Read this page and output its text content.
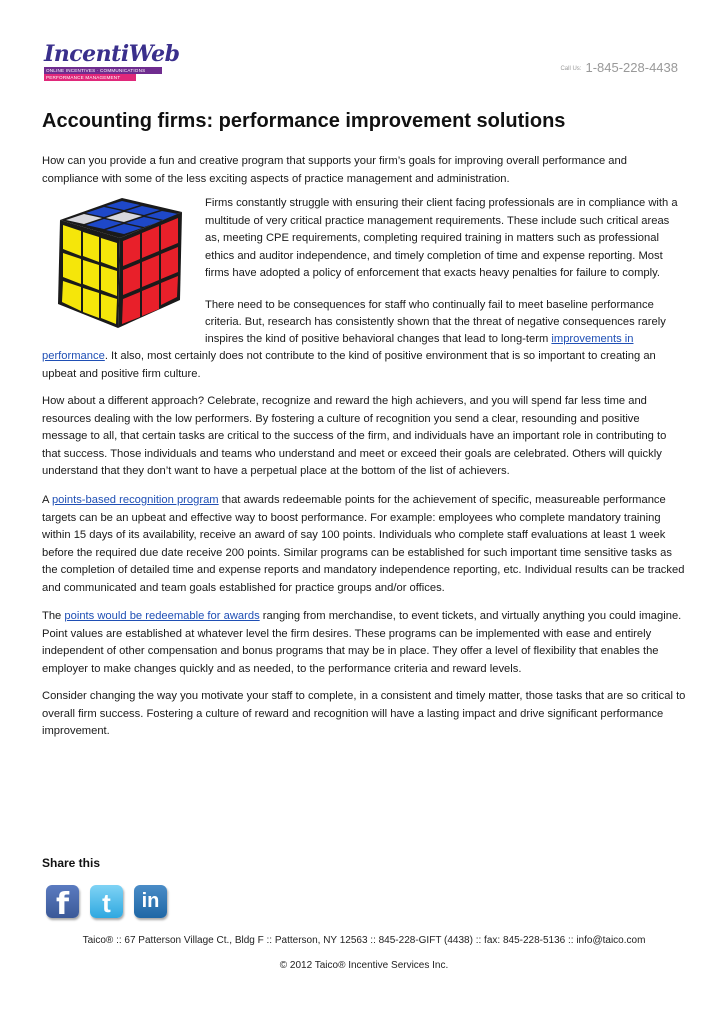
IncentiWeb
ONLINE INCENTIVES · COMMUNICATIONS
PERFORMANCE MANAGEMENT
Call Us: 1-845-228-4438
Accounting firms: performance improvement solutions

How can you provide a fun and creative program that supports your firm’s goals for improving overall performance and compliance with some of the less exciting aspects of practice management and administration.

Firms constantly struggle with ensuring their client facing professionals are in compliance with a multitude of very critical practice management requirements. These include such critical areas as, meeting CPE requirements, completing required training in matters such as professional ethics and auditor independence, and timely completion of time and expense reporting. Most firms have adopted a policy of enforcement that exacts heavy penalties for failure to comply.

There need to be consequences for staff who continually fail to meet baseline performance

criteria. But, research has consistently shown that the threat of negative consequences rarely

inspires the kind of positive behavioral changes that lead to long-term improvements in

performance. It also, most certainly does not contribute to the kind of positive environment that is so important to creating an upbeat and positive firm culture.

How about a different approach? Celebrate, recognize and reward the high achievers, and you will spend far less time and resources dealing with the low performers. By fostering a culture of recognition you send a clear, resounding and positive message to all, that certain tasks are critical to the success of the firm, and individuals have an important role in contributing to that success. Those individuals and teams who understand and meet or exceed their goals are celebrated. Others will quickly understand that they don’t want to have a perpetual place at the bottom of the list of achievers.

A points-based recognition program that awards redeemable points for the achievement of specific, measureable performance targets can be an upbeat and effective way to boost performance. For example: employees who complete mandatory training within 15 days of its availability, receive an award of say 100 points. Individuals who complete staff evaluations at least 1 week before the required due date receive 200 points. Similar programs can be established for such important time sensitive tasks as the completion of detailed time and expense reports and mandatory independence reporting, etc. Individual results can be tracked and communicated and team goals established for practice groups and/or offices.

The points would be redeemable for awards ranging from merchandise, to event tickets, and virtually anything you could imagine. Point values are established at whatever level the firm desires. These programs can be implemented with ease and entirely independent of other compensation and bonus programs that may be in place. They offer a level of flexibility that enables the employer to make changes quickly and as needed, to the performance criteria and reward levels.

Consider changing the way you motivate your staff to complete, in a consistent and timely matter, those tasks that are so critical to overall firm success. Fostering a culture of reward and recognition will have a lasting impact and drive significant performance improvement.

Share this
f	t	in
Taico® :: 67 Patterson Village Ct., Bldg F :: Patterson, NY 12563 :: 845-228-GIFT (4438) :: fax: 845-228-5136 :: info@taico.com
© 2012 Taico® Incentive Services Inc.
